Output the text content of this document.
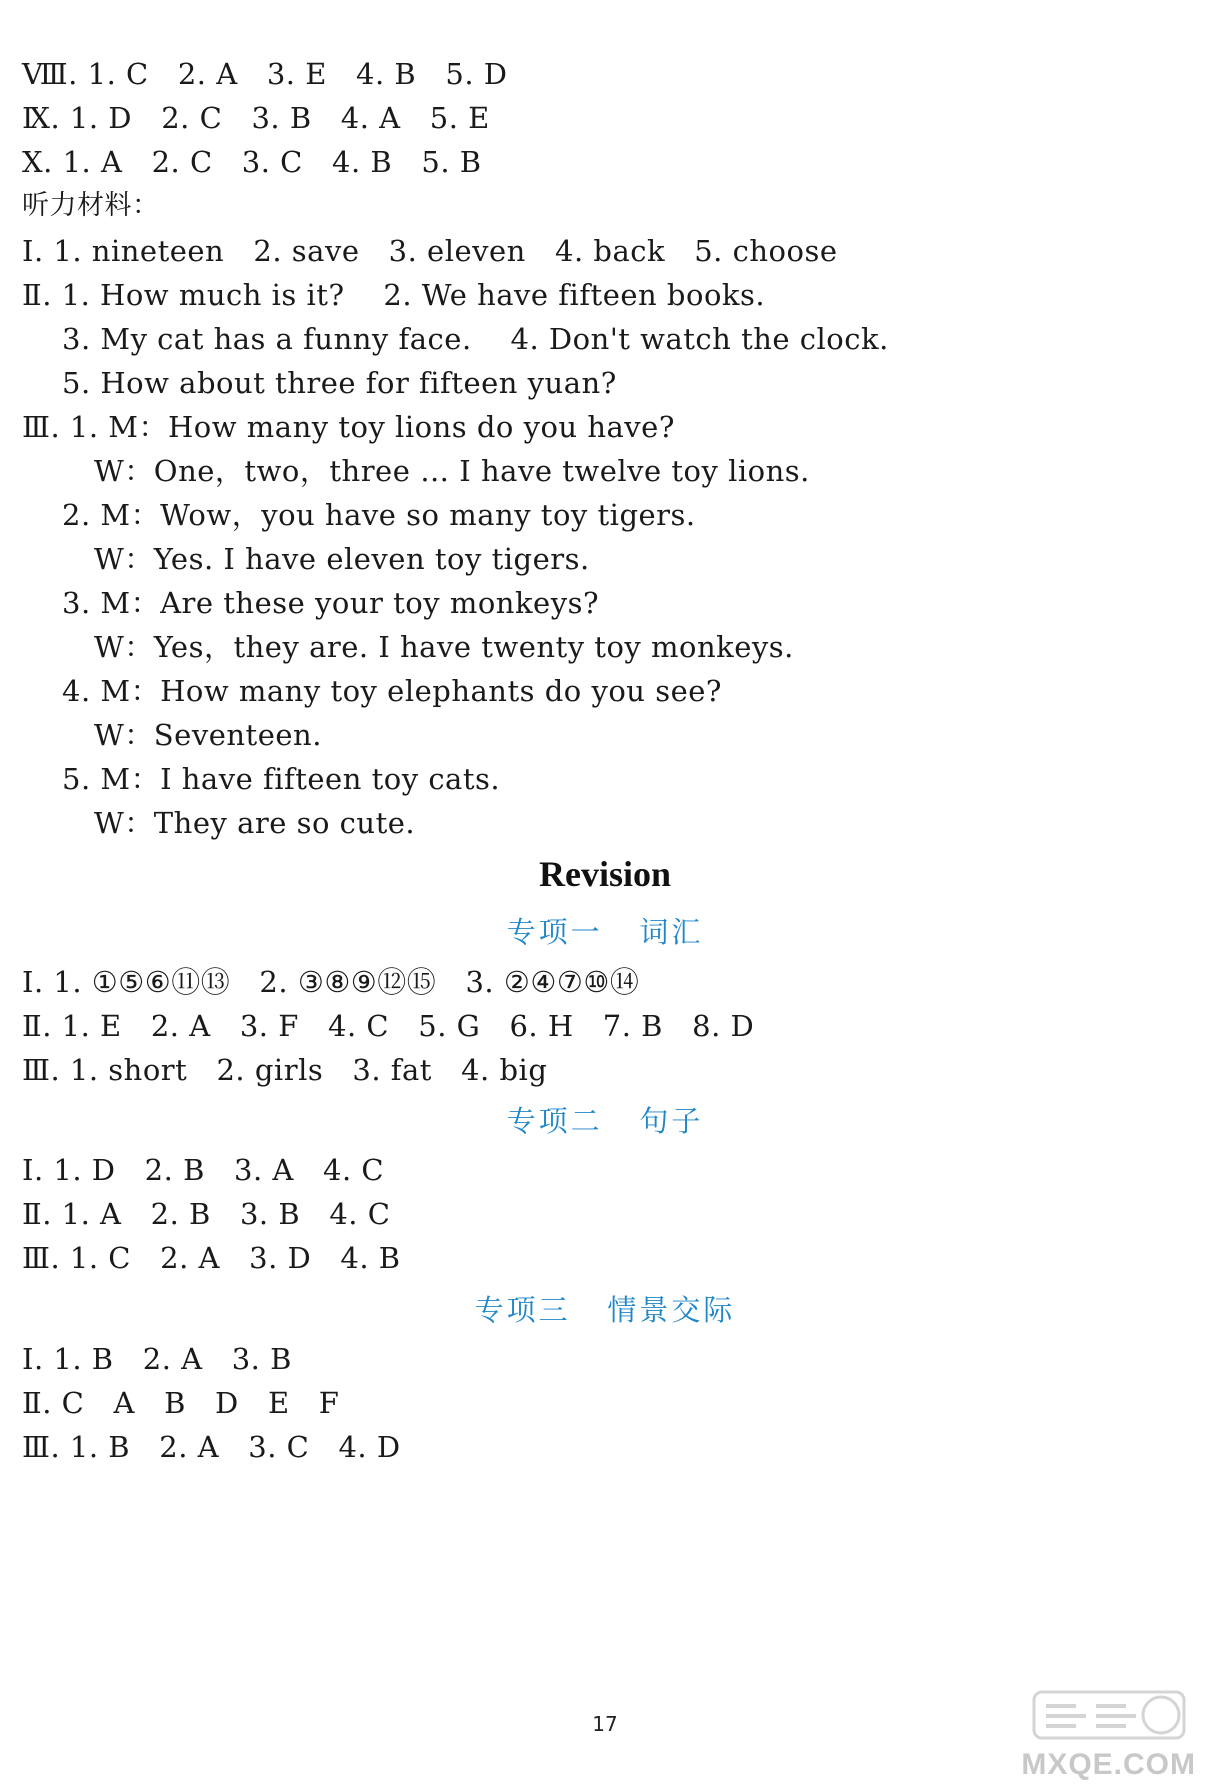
Ⅷ. 1. C   2. A   3. E   4. B   5. D
Ⅸ. 1. D   2. C   3. B   4. A   5. E
Ⅹ. 1. A   2. C   3. C   4. B   5. B
听力材料：
Ⅰ. 1. nineteen   2. save   3. eleven   4. back   5. choose
Ⅱ. 1. How much is it?    2. We have fifteen books.
3. My cat has a funny face.    4. Don't watch the clock.
5. How about three for fifteen yuan?
Ⅲ. 1. M：How many toy lions do you have?
W：One，two，three … I have twelve toy lions.
2. M：Wow，you have so many toy tigers.
W：Yes. I have eleven toy tigers.
3. M：Are these your toy monkeys?
W：Yes，they are. I have twenty toy monkeys.
4. M：How many toy elephants do you see?
W：Seventeen.
5. M：I have fifteen toy cats.
W：They are so cute.
Revision
专项一   词汇
Ⅰ. 1. ①⑤⑥⑪⑬   2. ③⑧⑨⑫⑮   3. ②④⑦⑩⑭
Ⅱ. 1. E   2. A   3. F   4. C   5. G   6. H   7. B   8. D
Ⅲ. 1. short   2. girls   3. fat   4. big
专项二   句子
Ⅰ. 1. D   2. B   3. A   4. C
Ⅱ. 1. A   2. B   3. B   4. C
Ⅲ. 1. C   2. A   3. D   4. B
专项三   情景交际
Ⅰ. 1. B   2. A   3. B
Ⅱ. C   A   B   D   E   F
Ⅲ. 1. B   2. A   3. C   4. D
17
MXQE.COM
